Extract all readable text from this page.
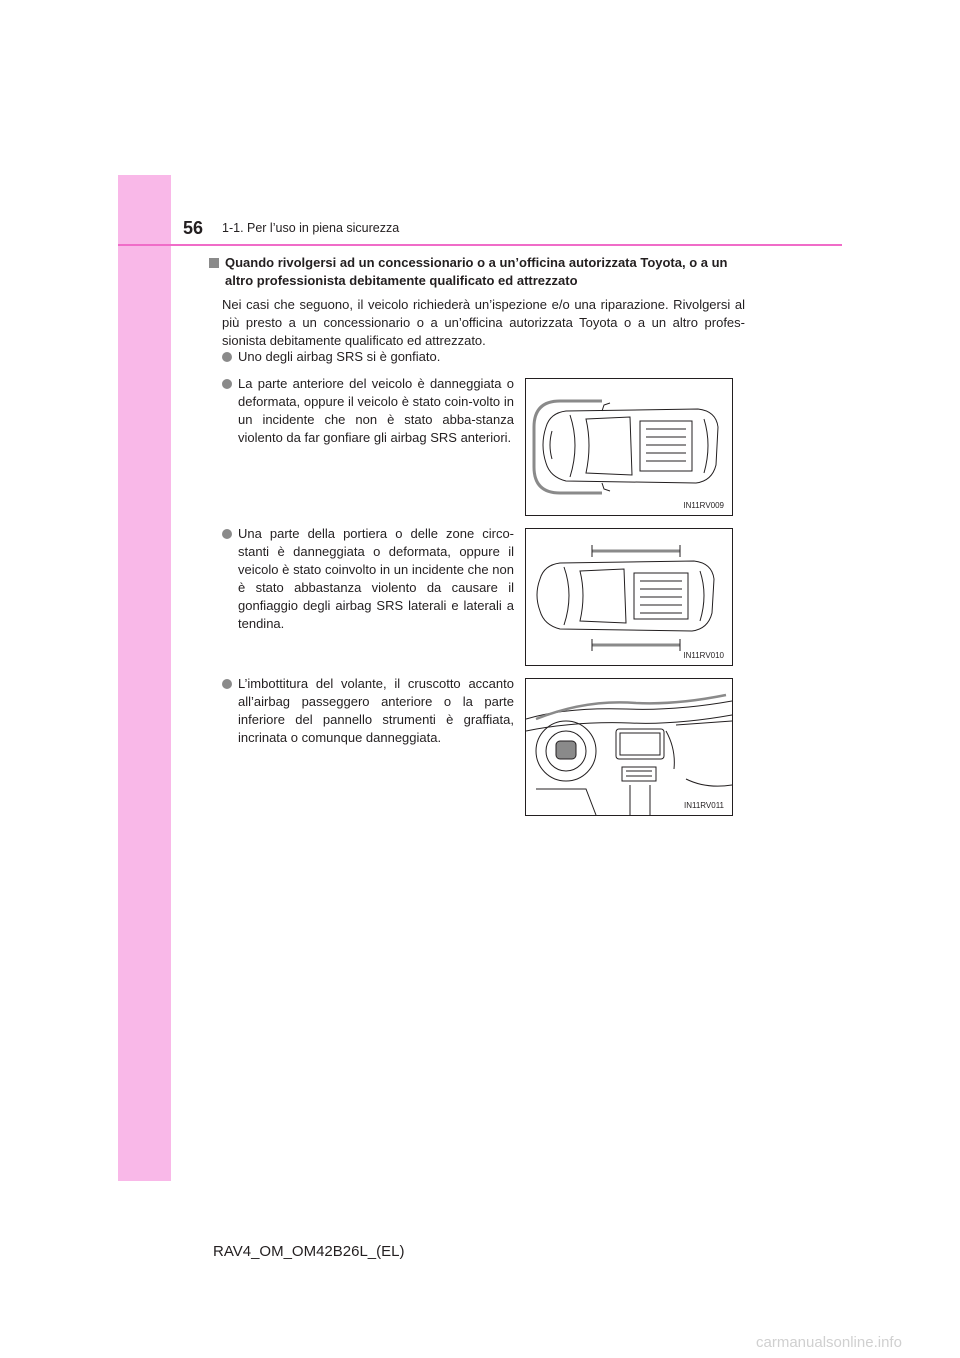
56 1-1. Per l’uso in piena sicurezza

Quando rivolgersi ad un concessionario o a un’officina autorizzata Toyota, o a un altro professionista debitamente qualificato ed attrezzato

Nei casi che seguono, il veicolo richiederà un’ispezione e/o una riparazione. Rivolgersi al più presto a un concessionario o a un’officina autorizzata Toyota o a un altro profes-sionista debitamente qualificato ed attrezzato.

Uno degli airbag SRS si è gonfiato.
La parte anteriore del veicolo è danneggiata o deformata, oppure il veicolo è stato coin-volto in un incidente che non è stato abba-stanza violento da far gonfiare gli airbag SRS anteriori.
Una parte della portiera o delle zone circo-stanti è danneggiata o deformata, oppure il veicolo è stato coinvolto in un incidente che non è stato abbastanza violento da causare il gonfiaggio degli airbag SRS laterali e laterali a tendina.
L’imbottitura del volante, il cruscotto accanto all’airbag passeggero anteriore o la parte inferiore del pannello strumenti è graffiata, incrinata o comunque danneggiata.
IN11RV009
IN11RV010
IN11RV011
RAV4_OM_OM42B26L_(EL)
carmanualsonline.info
